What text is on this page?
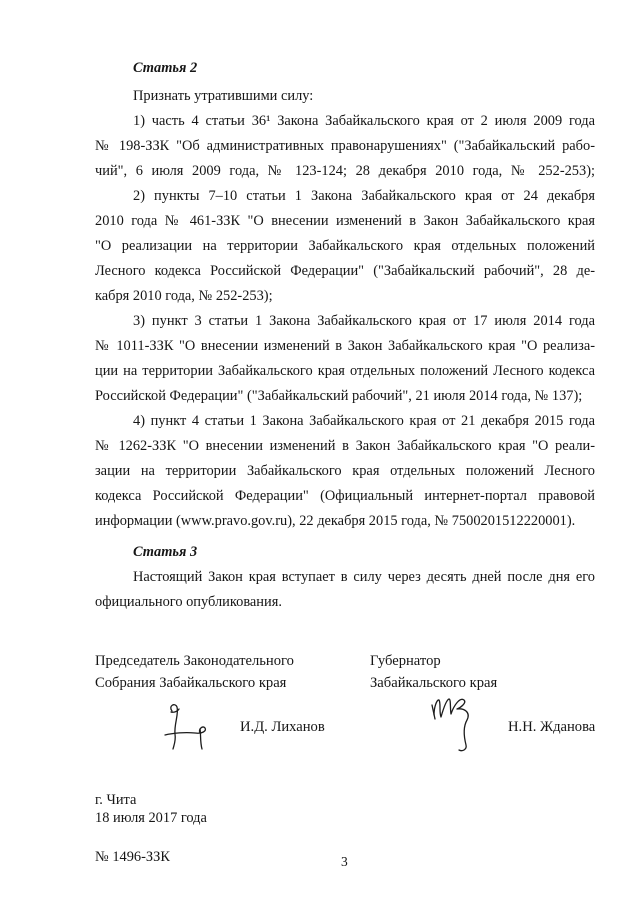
Статья 2
Признать утратившими силу:
1) часть 4 статьи 36¹ Закона Забайкальского края от 2 июля 2009 года
№ 198-ЗЗК "Об административных правонарушениях" ("Забайкальский рабо-
чий", 6 июля 2009 года, № 123-124; 28 декабря 2010 года, № 252-253);
2) пункты 7–10 статьи 1 Закона Забайкальского края от 24 декабря
2010 года № 461-ЗЗК "О внесении изменений в Закон Забайкальского края
"О реализации на территории Забайкальского края отдельных положений
Лесного кодекса Российской Федерации" ("Забайкальский рабочий", 28 де-
кабря 2010 года, № 252-253);
3) пункт 3 статьи 1 Закона Забайкальского края от 17 июля 2014 года
№ 1011-ЗЗК "О внесении изменений в Закон Забайкальского края "О реализа-
ции на территории Забайкальского края отдельных положений Лесного кодекса
Российской Федерации" ("Забайкальский рабочий", 21 июля 2014 года, № 137);
4) пункт 4 статьи 1 Закона Забайкальского края от 21 декабря 2015 года
№ 1262-ЗЗК "О внесении изменений в Закон Забайкальского края "О реали-
зации на территории Забайкальского края отдельных положений Лесного
кодекса Российской Федерации" (Официальный интернет-портал правовой
информации (www.pravo.gov.ru), 22 декабря 2015 года, № 7500201512220001).
Статья 3
Настоящий Закон края вступает в силу через десять дней после дня его
официального опубликования.
Председатель Законодательного
Собрания Забайкальского края
Губернатор
Забайкальского края
И.Д. Лиханов	Н.Н. Жданова
г. Чита
18 июля 2017 года
№ 1496-ЗЗК	3
